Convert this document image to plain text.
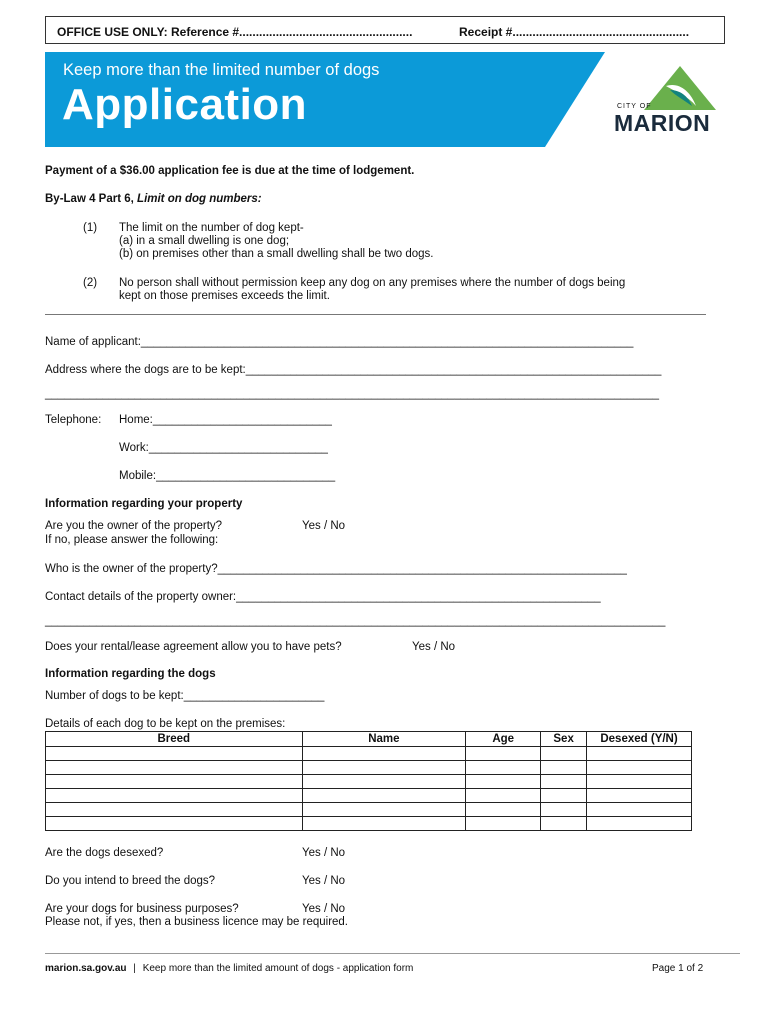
OFFICE USE ONLY: Reference #....................................................	Receipt #.....................................................
Keep more than the limited number of dogs
Application	CITY OF
MARION
Payment of a $36.00 application fee is due at the time of lodgement.
By-Law 4 Part 6, Limit on dog numbers:
(1) The limit on the number of dog kept-
(a) in a small dwelling is one dog;
(b) on premises other than a small dwelling shall be two dogs.
(2) No person shall without permission keep any dog on any premises where the number of dogs being
kept on those premises exceeds the limit.
Name of applicant:_____________________________________________________________________________
Address where the dogs are to be kept:_________________________________________________________________
________________________________________________________________________________________________
Telephone: Home:____________________________
Work:____________________________
Mobile:____________________________
Information regarding your property
Are you the owner of the property?	Yes / No
If no, please answer the following:
Who is the owner of the property?________________________________________________________________
Contact details of the property owner:_________________________________________________________
_________________________________________________________________________________________________
Does your rental/lease agreement allow you to have pets?	Yes / No
Information regarding the dogs
Number of dogs to be kept:______________________
Details of each dog to be kept on the premises:
Breed	Name	Age	Sex	Desexed (Y/N)

Are the dogs desexed?	Yes / No
Do you intend to breed the dogs?	Yes / No
Are your dogs for business purposes?	Yes / No
Please not, if yes, then a business licence may be required.
marion.sa.gov.au | Keep more than the limited amount of dogs - application form	Page 1 of 2
